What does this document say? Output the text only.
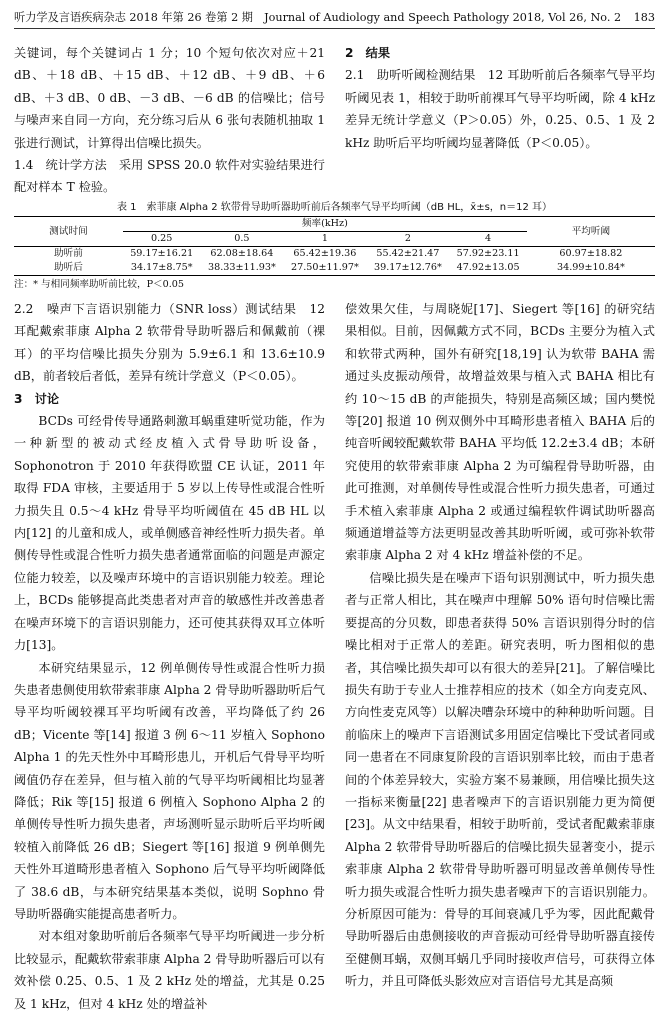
听力学及言语疾病杂志 2018 年第 26 卷第 2 期　Journal of Audiology and Speech Pathology 2018, Vol 26, No. 2 183

关键词，每个关键词占 1 分；10 个短句依次对应＋21 dB、＋18 dB、＋15 dB、＋12 dB、＋9 dB、＋6 dB、＋3 dB、0 dB、－3 dB、－6 dB 的信噪比；信号与噪声来自同一方向，充分练习后从 6 张句表随机抽取 1 张进行测试，计算得出信噪比损失。

1.4　统计学方法　采用 SPSS 20.0 软件对实验结果进行配对样本 T 检验。

2　结果

2.1　助听听阈检测结果　12 耳助听前后各频率气导平均听阈见表 1，相较于助听前裸耳气导平均听阈，除 4 kHz 差异无统计学意义（P＞0.05）外，0.25、0.5、1 及 2 kHz 助听后平均听阈均显著降低（P＜0.05）。

表 1　索菲康 Alpha 2 软带骨导助听器助听前后各频率气导平均听阈（dB HL，x̄±s，n＝12 耳）
测试时间	频率(kHz)					平均听阈
	0.25	0.5	1	2	4	
助听前	59.17±16.21	62.08±18.64	65.42±19.36	55.42±21.47	57.92±23.11	60.97±18.82
助听后	34.17±8.75*	38.33±11.93*	27.50±11.97*	39.17±12.76*	47.92±13.05	34.99±10.84*
注：* 与相同频率助听前比较，P＜0.05

2.2　噪声下言语识别能力（SNR loss）测试结果　12 耳配戴索菲康 Alpha 2 软带骨导助听器后和佩戴前（裸耳）的平均信噪比损失分别为 5.9±6.1 和 13.6±10.9 dB，前者较后者低，差异有统计学意义（P＜0.05）。

3　讨论

BCDs 可经骨传导通路刺激耳蜗重建听觉功能，作为一种新型的被动式经皮植入式骨导助听设备，Sophonotron 于 2010 年获得欧盟 CE 认证，2011 年取得 FDA 审核，主要适用于 5 岁以上传导性或混合性听力损失且 0.5～4 kHz 骨导平均听阈值在 45 dB HL 以内[12] 的儿童和成人，或单侧感音神经性听力损失者。单侧传导性或混合性听力损失患者通常面临的问题是声源定位能力较差，以及噪声环境中的言语识别能力较差。理论上，BCDs 能够提高此类患者对声音的敏感性并改善患者在噪声环境下的言语识别能力，还可使其获得双耳立体听力[13]。

本研究结果显示，12 例单侧传导性或混合性听力损失患者患侧使用软带索菲康 Alpha 2 骨导助听器助听后气导平均听阈较裸耳平均听阈有改善，平均降低了约 26 dB；Vicente 等[14] 报道 3 例 6～11 岁植入 Sophono Alpha 1 的先天性外中耳畸形患儿，开机后气骨导平均听阈值仍存在差异，但与植入前的气导平均听阈相比均显著降低；Rik 等[15] 报道 6 例植入 Sophono Alpha 2 的单侧传导性听力损失患者，声场测听显示助听后平均听阈较植入前降低 26 dB；Siegert 等[16] 报道 9 例单侧先天性外耳道畸形患者植入 Sophono 后气导平均听阈降低了 38.6 dB，与本研究结果基本类似，说明 Sophno 骨导助听器确实能提高患者听力。

对本组对象助听前后各频率气导平均听阈进一步分析比较显示，配戴软带索菲康 Alpha 2 骨导助听器后可以有效补偿 0.25、0.5、1 及 2 kHz 处的增益，尤其是 0.25 及 1 kHz，但对 4 kHz 处的增益补

偿效果欠佳，与周晓妮[17]、Siegert 等[16] 的研究结果相似。目前，因佩戴方式不同，BCDs 主要分为植入式和软带式两种，国外有研究[18,19] 认为软带 BAHA 需通过头皮振动颅骨，故增益效果与植入式 BAHA 相比有约 10～15 dB 的声能损失，特别是高频区域；国内樊悦等[20] 报道 10 例双侧外中耳畸形患者植入 BAHA 后的纯音听阈较配戴软带 BAHA 平均低 12.2±3.4 dB；本研究使用的软带索菲康 Alpha 2 为可编程骨导助听器，由此可推测，对单侧传导性或混合性听力损失患者，可通过手术植入索菲康 Alpha 2 或通过编程软件调试助听器高频通道增益等方法更明显改善其助听听阈，或可弥补软带索菲康 Alpha 2 对 4 kHz 增益补偿的不足。

信噪比损失是在噪声下语句识别测试中，听力损失患者与正常人相比，其在噪声中理解 50% 语句时信噪比需要提高的分贝数，即患者获得 50% 言语识别得分时的信噪比相对于正常人的差距。研究表明，听力图相似的患者，其信噪比损失却可以有很大的差异[21]。了解信噪比损失有助于专业人士推荐相应的技术（如全方向麦克风、方向性麦克风等）以解决嘈杂环境中的种种助听问题。目前临床上的噪声下言语测试多用固定信噪比下受试者同或同一患者在不同康复阶段的言语识别率比较，而由于患者间的个体差异较大，实验方案不易兼顾，用信噪比损失这一指标来衡量[22] 患者噪声下的言语识别能力更为简便[23]。从文中结果看，相较于助听前，受试者配戴索菲康 Alpha 2 软带骨导助听器后的信噪比损失显著变小，提示索菲康 Alpha 2 软带骨导助听器可明显改善单侧传导性听力损失或混合性听力损失患者噪声下的言语识别能力。分析原因可能为：骨导的耳间衰减几乎为零，因此配戴骨导助听器后由患侧接收的声音振动可经骨导助听器直接传至健侧耳蜗，双侧耳蜗几乎同时接收声信号，可获得立体听力，并且可降低头影效应对言语信号尤其是高频
